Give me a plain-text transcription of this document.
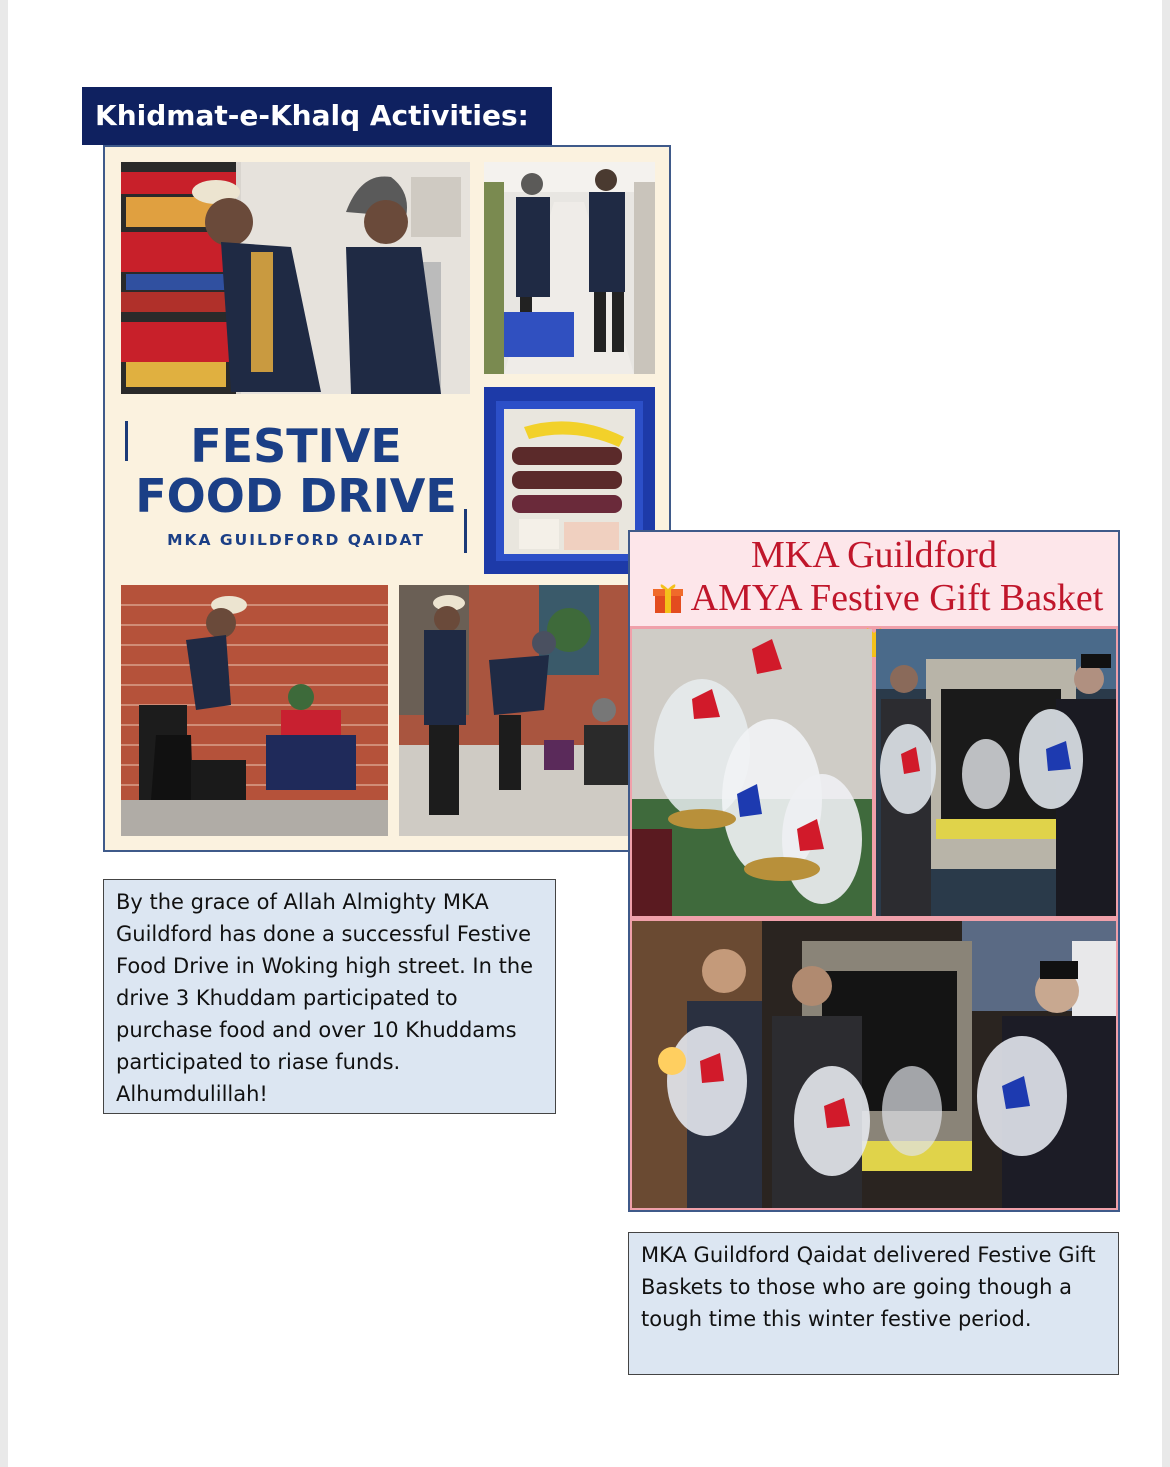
Khidmat-e-Khalq Activities:
FESTIVE
FOOD DRIVE
MKA GUILDFORD QAIDAT	MKA Guildford
AMYA Festive Gift Basket
By the grace of Allah Almighty MKA Guildford has done a successful Festive Food Drive in Woking high street. In the drive 3 Khuddam participated to purchase food and over 10 Khuddams participated to riase funds. Alhumdulillah!
MKA Guildford Qaidat delivered Festive Gift Baskets to those who are going though a tough time this winter festive period.
